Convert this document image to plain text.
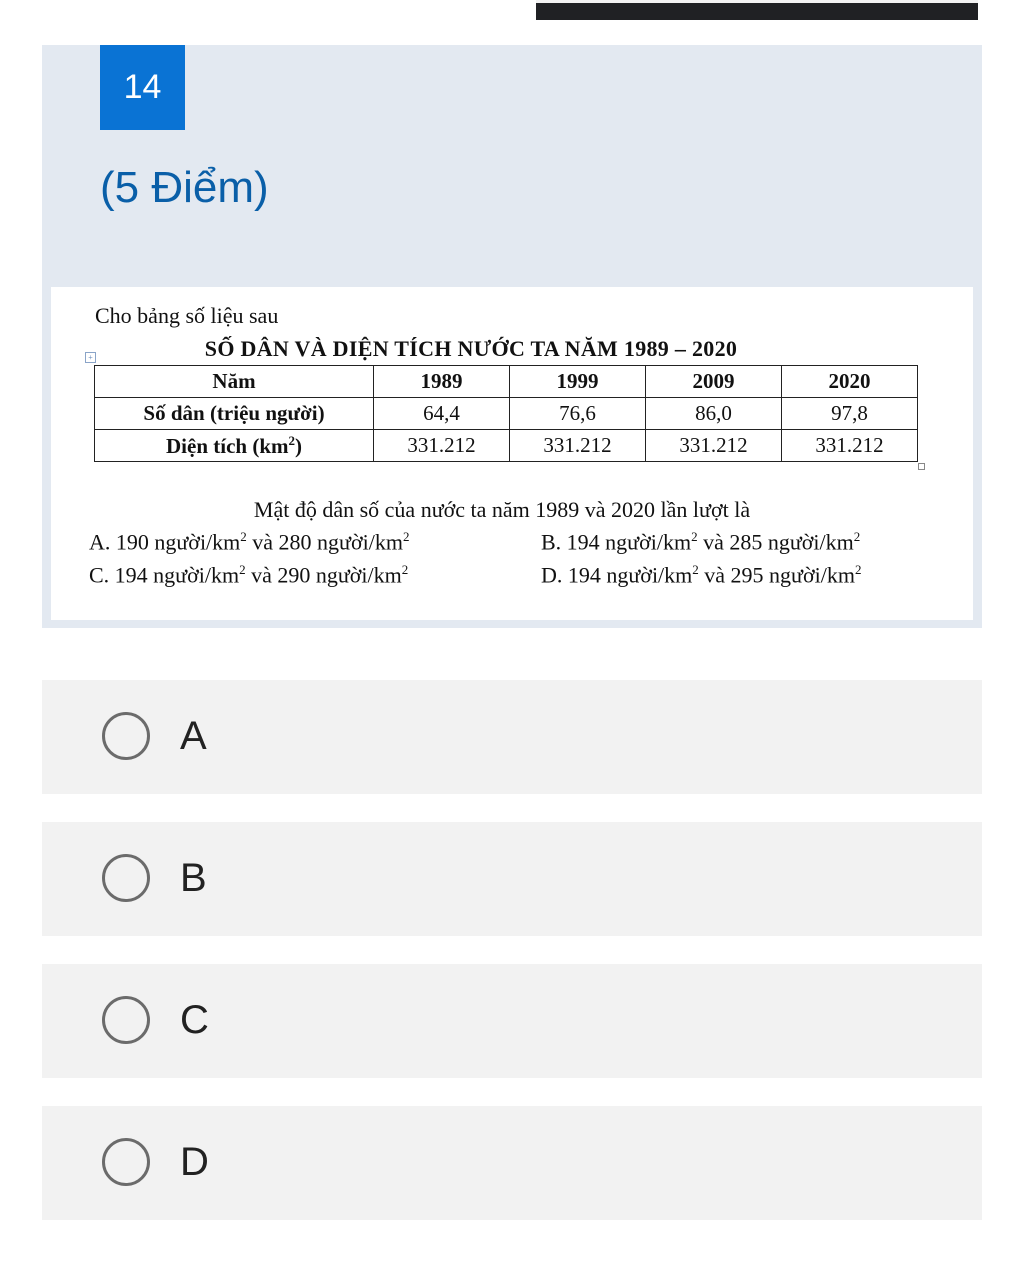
14
(5 Điểm)
Cho bảng số liệu sau
SỐ DÂN VÀ DIỆN TÍCH NƯỚC TA NĂM 1989 – 2020
+
Năm	1989	1999	2009	2020
Số dân (triệu người)	64,4	76,6	86,0	97,8
Diện tích $(km^2)$	331.212	331.212	331.212	331.212
Mật độ dân số của nước ta năm 1989 và 2020 lần lượt là
A. 190 người/$km^2$ và 280 người/$km^2$	B. 194 người/$km^2$ và 285 người/$km^2$
C. 194 người/$km^2$ và 290 người/$km^2$	D. 194 người/$km^2$ và 295 người/$km^2$
A
B
C
D
